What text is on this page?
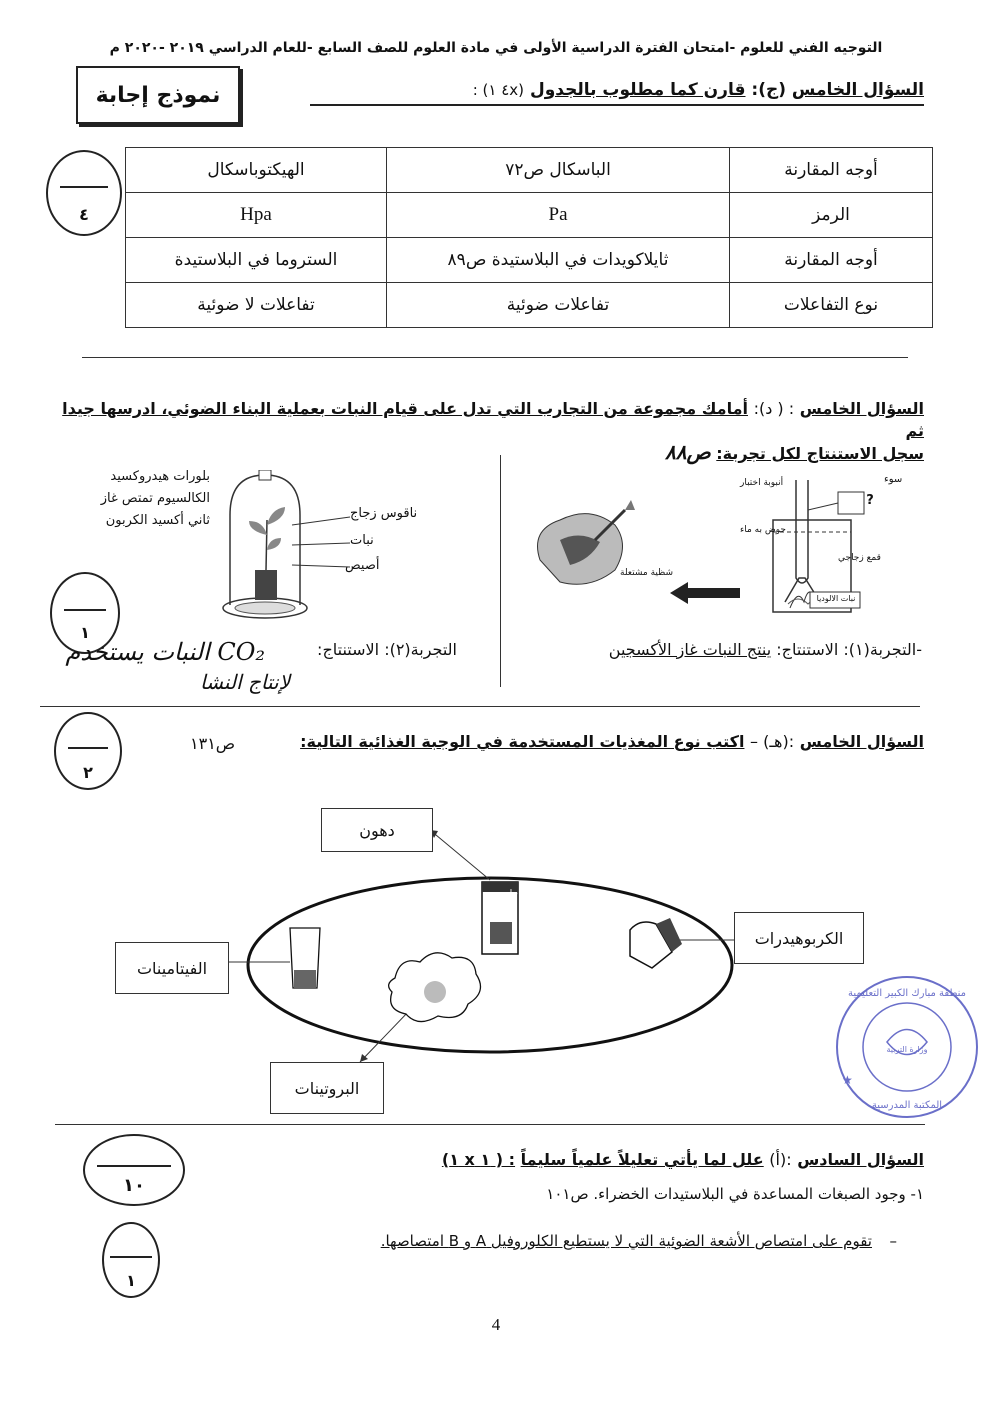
التوجيه الفني للعلوم -امتحان الفترة الدراسية الأولى في مادة العلوم للصف السابع -للعام الدراسي ٢٠١٩ -٢٠٢٠ م
نموذج إجابة	السؤال الخامس (ج): قارن كما مطلوب بالجدول (٤x ١) :
٤
أوجه المقارنة	الباسكال ص٧٢	الهيكتوباسكال
الرمز	Pa	Hpa
أوجه المقارنة	ثايلاكويدات في البلاستيدة ص٨٩	الستروما في البلاستيدة
نوع التفاعلات	تفاعلات ضوئية	تفاعلات لا ضوئية
السؤال الخامس : ( د): أمامك مجموعة من التجارب التي تدل على قيام النبات بعملية البناء الضوئي، ادرسها جيدا ثم
سجل الاستنتاج لكل تجربة: ص٨٨
?
سوء
أنبوبة اختبار
حوض به ماء
قمع زجاجي
نبات الالوديا
شظية مشتعلة
-التجربة(١): الاستنتاج: ينتج النبات غاز الأكسجين
بلورات هيدروكسيد الكالسيوم تمتص غاز ثاني أكسيد الكربون	ناقوس زجاج
نبات
أصيص
١
التجربة(٢): الاستنتاج:
CO₂ النبات يستخدم
لإنتاج النشا
السؤال الخامس :(هـ) – اكتب نوع المغذيات المستخدمة في الوجبة الغذائية التالية:
ص١٣١
٢
حليب
دهون
الكربوهيدرات
الفيتامينات
البروتينات
منطقة مبارك الكبير التعليمية
وزارة التربية
المكتبة المدرسية
★
١٠
السؤال السادس :(أ) علل لما يأتي تعليلاً علمياً سليماً : ( ١ x ١)
١- وجود الصبغات المساعدة في البلاستيدات الخضراء. ص١٠١
١
تقوم على امتصاص الأشعة الضوئية التي لا يستطيع الكلوروفيل A و B امتصاصها. –
4
